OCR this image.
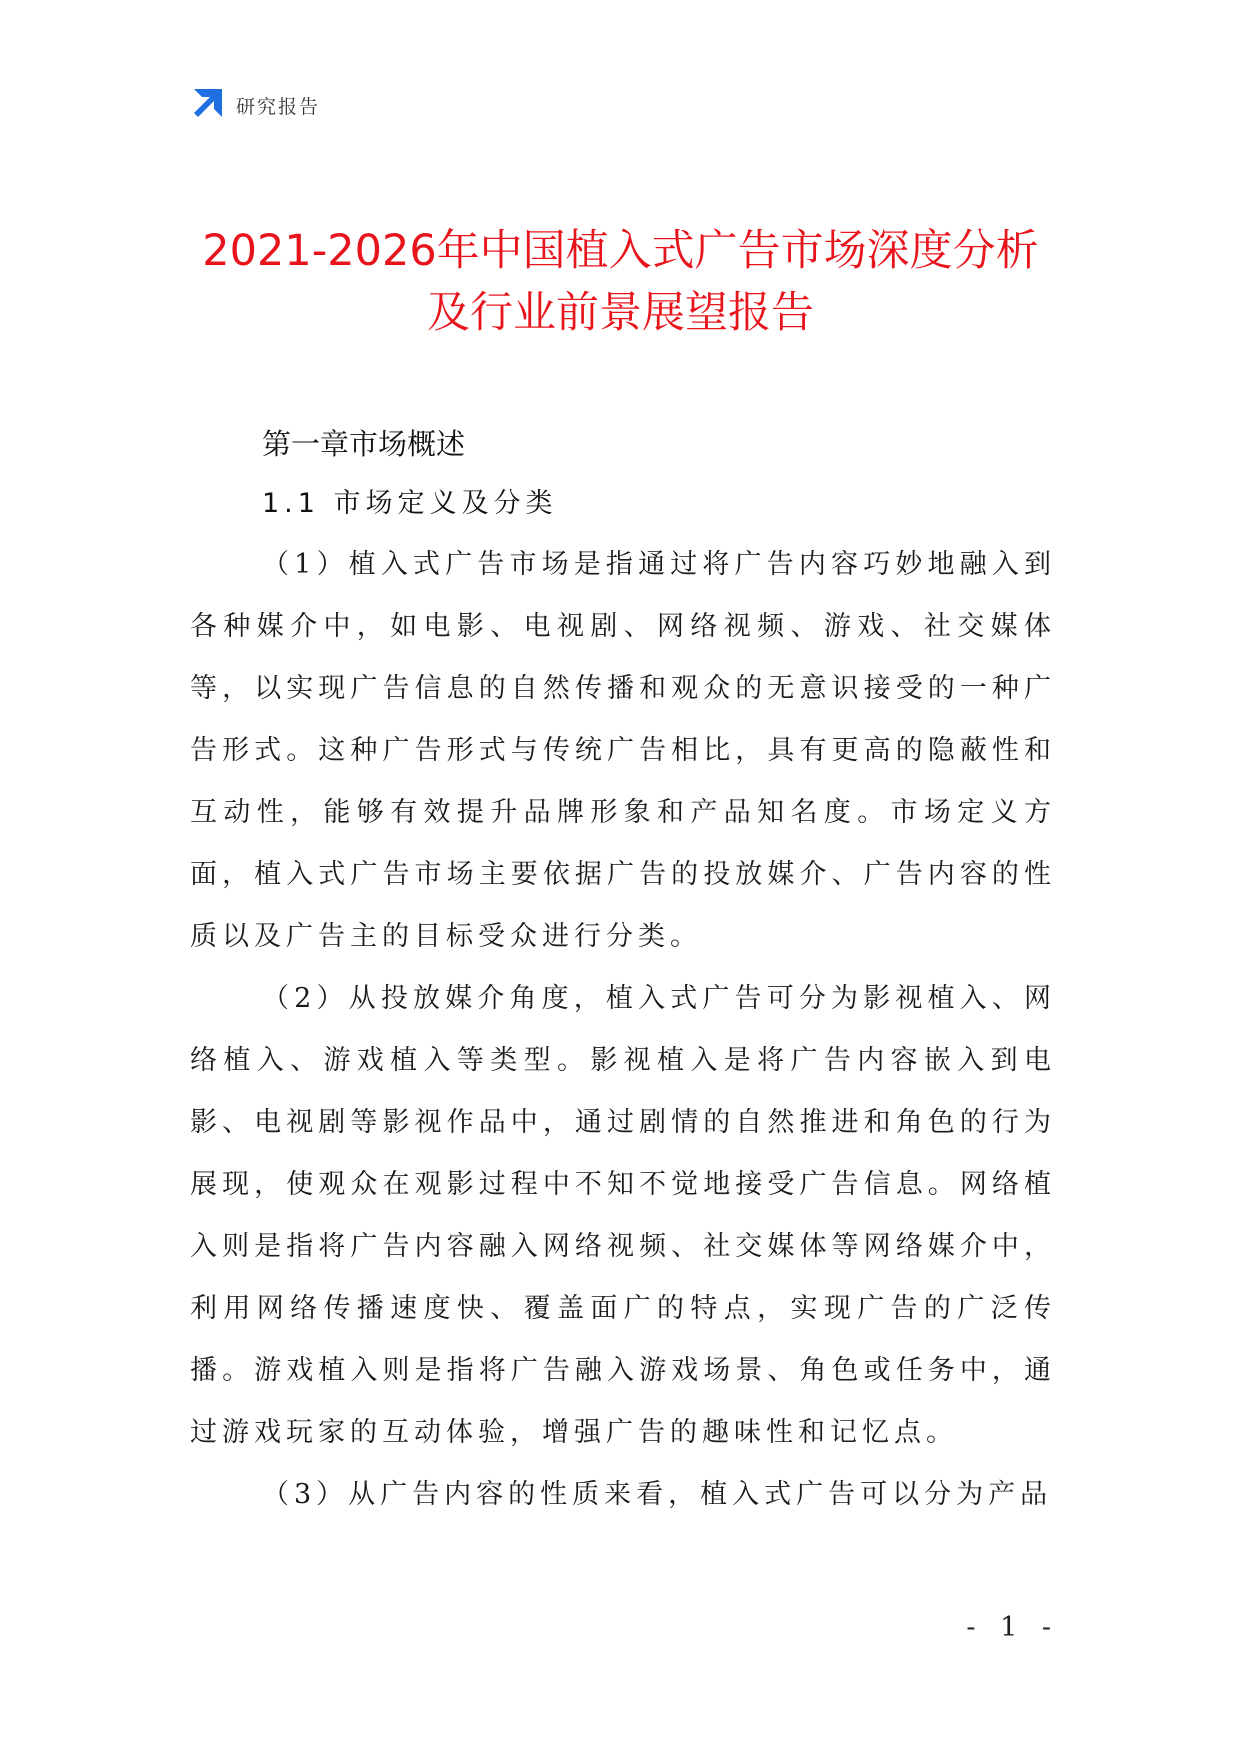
研究报告
2021-2026年中国植入式广告市场深度分析
及行业前景展望报告
第一章市场概述
1.1 市场定义及分类

（1）植入式广告市场是指通过将广告内容巧妙地融入到各种媒介中，如电影、电视剧、网络视频、游戏、社交媒体等，以实现广告信息的自然传播和观众的无意识接受的一种广告形式。这种广告形式与传统广告相比，具有更高的隐蔽性和互动性，能够有效提升品牌形象和产品知名度。市场定义方面，植入式广告市场主要依据广告的投放媒介、广告内容的性质以及广告主的目标受众进行分类。

（2）从投放媒介角度，植入式广告可分为影视植入、网络植入、游戏植入等类型。影视植入是将广告内容嵌入到电影、电视剧等影视作品中，通过剧情的自然推进和角色的行为展现，使观众在观影过程中不知不觉地接受广告信息。网络植入则是指将广告内容融入网络视频、社交媒体等网络媒介中，利用网络传播速度快、覆盖面广的特点，实现广告的广泛传播。游戏植入则是指将广告融入游戏场景、角色或任务中，通过游戏玩家的互动体验，增强广告的趣味性和记忆点。

（3）从广告内容的性质来看，植入式广告可以分为产品

- 1 -
